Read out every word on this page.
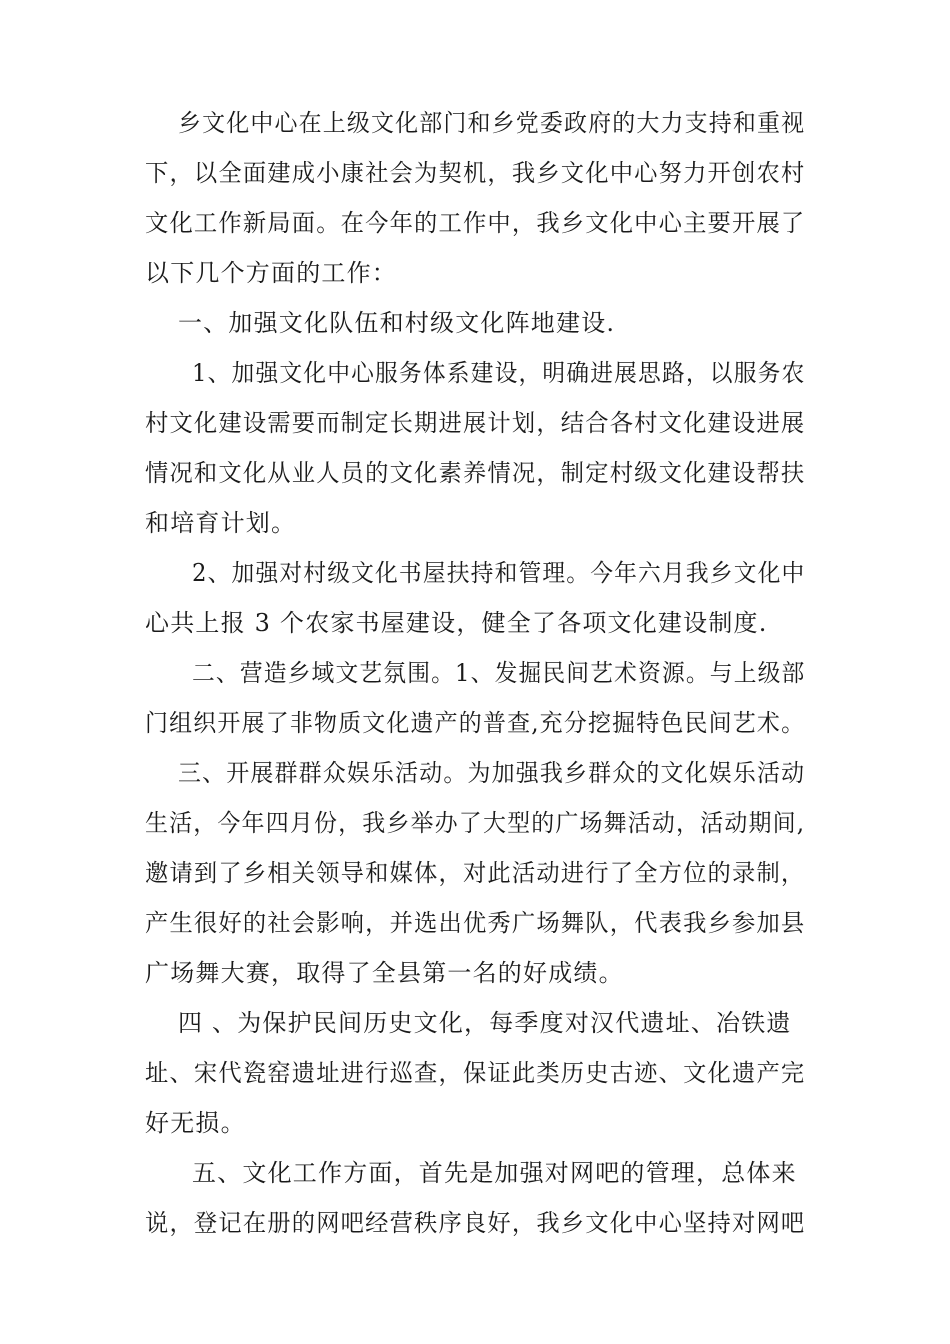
乡文化中心在上级文化部门和乡党委政府的大力支持和重视
下，以全面建成小康社会为契机，我乡文化中心努力开创农村
文化工作新局面。在今年的工作中，我乡文化中心主要开展了
以下几个方面的工作：
一、加强文化队伍和村级文化阵地建设.
1、加强文化中心服务体系建设，明确进展思路，以服务农
村文化建设需要而制定长期进展计划，结合各村文化建设进展
情况和文化从业人员的文化素养情况，制定村级文化建设帮扶
和培育计划。
2、加强对村级文化书屋扶持和管理。今年六月我乡文化中
心共上报 3 个农家书屋建设，健全了各项文化建设制度.
二、营造乡域文艺氛围。1、发掘民间艺术资源。与上级部
门组织开展了非物质文化遗产的普查,充分挖掘特色民间艺术。
三、开展群群众娱乐活动。为加强我乡群众的文化娱乐活动
生活，今年四月份，我乡举办了大型的广场舞活动，活动期间,
邀请到了乡相关领导和媒体，对此活动进行了全方位的录制，
产生很好的社会影响，并选出优秀广场舞队，代表我乡参加县
广场舞大赛，取得了全县第一名的好成绩。
四 、为保护民间历史文化，每季度对汉代遗址、冶铁遗
址、宋代瓷窑遗址进行巡查，保证此类历史古迹、文化遗产完
好无损。
五、文化工作方面，首先是加强对网吧的管理，总体来
说，登记在册的网吧经营秩序良好，我乡文化中心坚持对网吧
